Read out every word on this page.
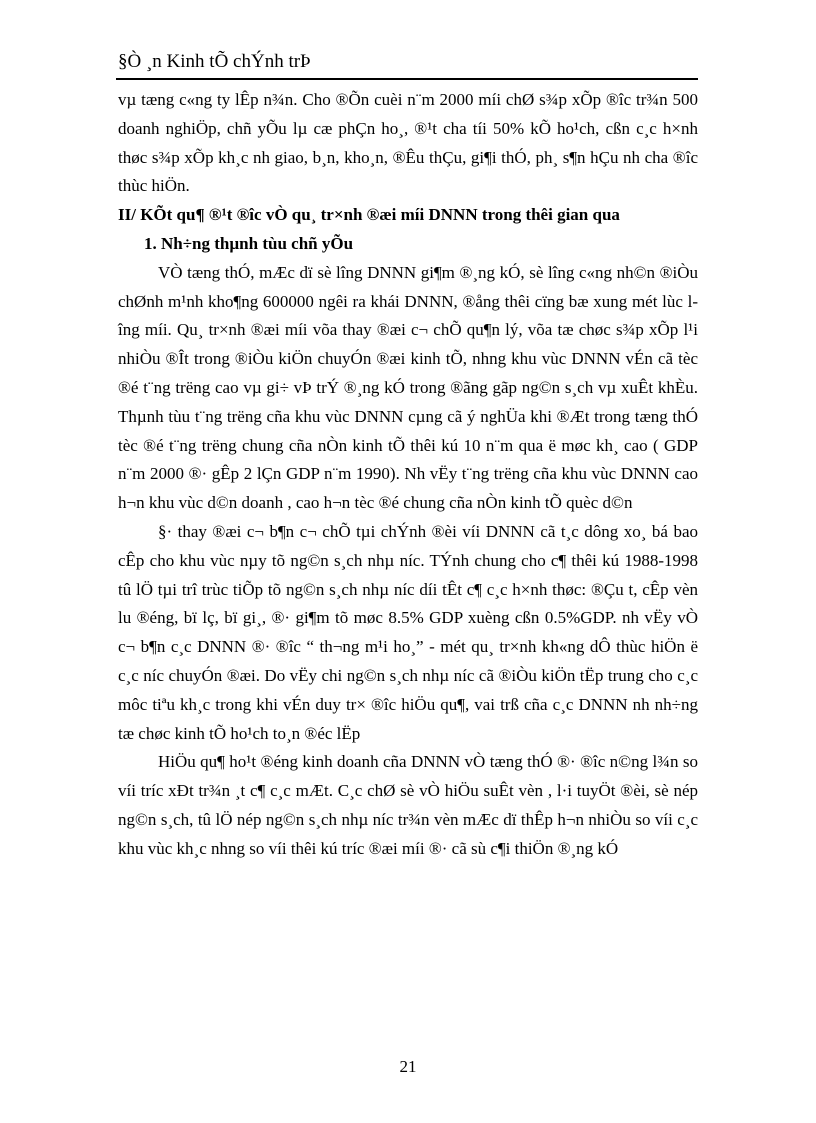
§Ò ¸n Kinh tÕ chÝnh trÞ

vµ tæng c«ng ty lÊp n¾n. Cho ®Õn cuèi n¨m 2000 míi chØ s¾p xÕp ®îc tr¾n 500 doanh nghiÖp, chñ yÕu lµ cæ phÇn ho¸, ®¹t cha tíi 50% kÕ ho¹ch, cßn c¸c h×nh thøc s¾p xÕp kh¸c nh giao, b¸n, kho¸n, ®Êu thÇu, gi¶i thÓ, ph¸ s¶n hÇu nh cha ®îc thùc hiÖn.

II/ KÕt qu¶ ®¹t ®îc vÒ qu¸ tr×nh ®æi míi DNNN trong thêi gian qua

1. Nh÷ng thµnh tùu chñ yÕu

VÒ tæng thÓ, mÆc dï sè lîng DNNN gi¶m ®¸ng kÓ, sè lîng c«ng nh©n ®iÒu chØnh m¹nh kho¶ng 600000 ngêi ra khái DNNN, ®ång thêi cïng bæ xung mét lùc lîng míi. Qu¸ tr×nh ®æi míi võa thay ®æi c¬ chÕ qu¶n lý, võa tæ chøc s¾p xÕp l¹i nhiÒu ®Ît trong ®iÒu kiÖn chuyÓn ®æi kinh tÕ, nhng khu vùc DNNN vÉn cã tèc ®é t¨ng trëng cao vµ gi÷ vÞ trÝ ®¸ng kÓ trong ®ãng gãp ng©n s¸ch vµ xuÊt khÈu. Thµnh tùu t¨ng trëng cña khu vùc DNNN cµng cã ý nghÜa khi ®Æt trong tæng thÓ tèc ®é t¨ng trëng chung cña nÒn kinh tÕ thêi kú 10 n¨m qua ë møc kh¸ cao ( GDP n¨m 2000 ®· gÊp 2 lÇn GDP n¨m 1990). Nh vËy t¨ng trëng cña khu vùc DNNN cao h¬n khu vùc d©n doanh , cao h¬n tèc ®é chung cña nÒn kinh tÕ quèc d©n

§· thay ®æi c¬ b¶n c¬ chÕ tµi chÝnh ®èi víi DNNN cã t¸c dông xo¸ bá bao cÊp cho khu vùc nµy tõ ng©n s¸ch nhµ níc. TÝnh chung cho c¶ thêi kú 1988-1998 tû lÖ tµi trî trùc tiÕp tõ ng©n s¸ch nhµ níc díi tÊt c¶ c¸c h×nh thøc: ®Çu t, cÊp vèn lu ®éng, bï lç, bï gi¸, ®· gi¶m tõ møc 8.5% GDP xuèng cßn 0.5%GDP. nh vËy vÒ c¬ b¶n c¸c DNNN ®· ®îc “ th¬ng m¹i ho¸” - mét qu¸ tr×nh kh«ng dÔ thùc hiÖn ë c¸c níc chuyÓn ®æi. Do vËy chi ng©n s¸ch nhµ níc cã ®iÒu kiÖn tËp trung cho c¸c môc tiªu kh¸c trong khi vÉn duy tr× ®îc hiÖu qu¶, vai trß cña c¸c DNNN nh nh÷ng tæ chøc kinh tÕ ho¹ch to¸n ®éc lËp

HiÖu qu¶ ho¹t ®éng kinh doanh cña DNNN vÒ tæng thÓ ®· ®îc n©ng l¾n so víi tríc xÐt tr¾n ¸t c¶ c¸c mÆt. C¸c chØ sè vÒ hiÖu suÊt vèn , l·i tuyÖt ®èi, sè nép ng©n s¸ch, tû lÖ nép ng©n s¸ch nhµ níc tr¾n vèn mÆc dï thÊp h¬n nhiÒu so víi c¸c khu vùc kh¸c nhng so víi thêi kú tríc ®æi míi ®· cã sù c¶i thiÖn ®¸ng kÓ

21
